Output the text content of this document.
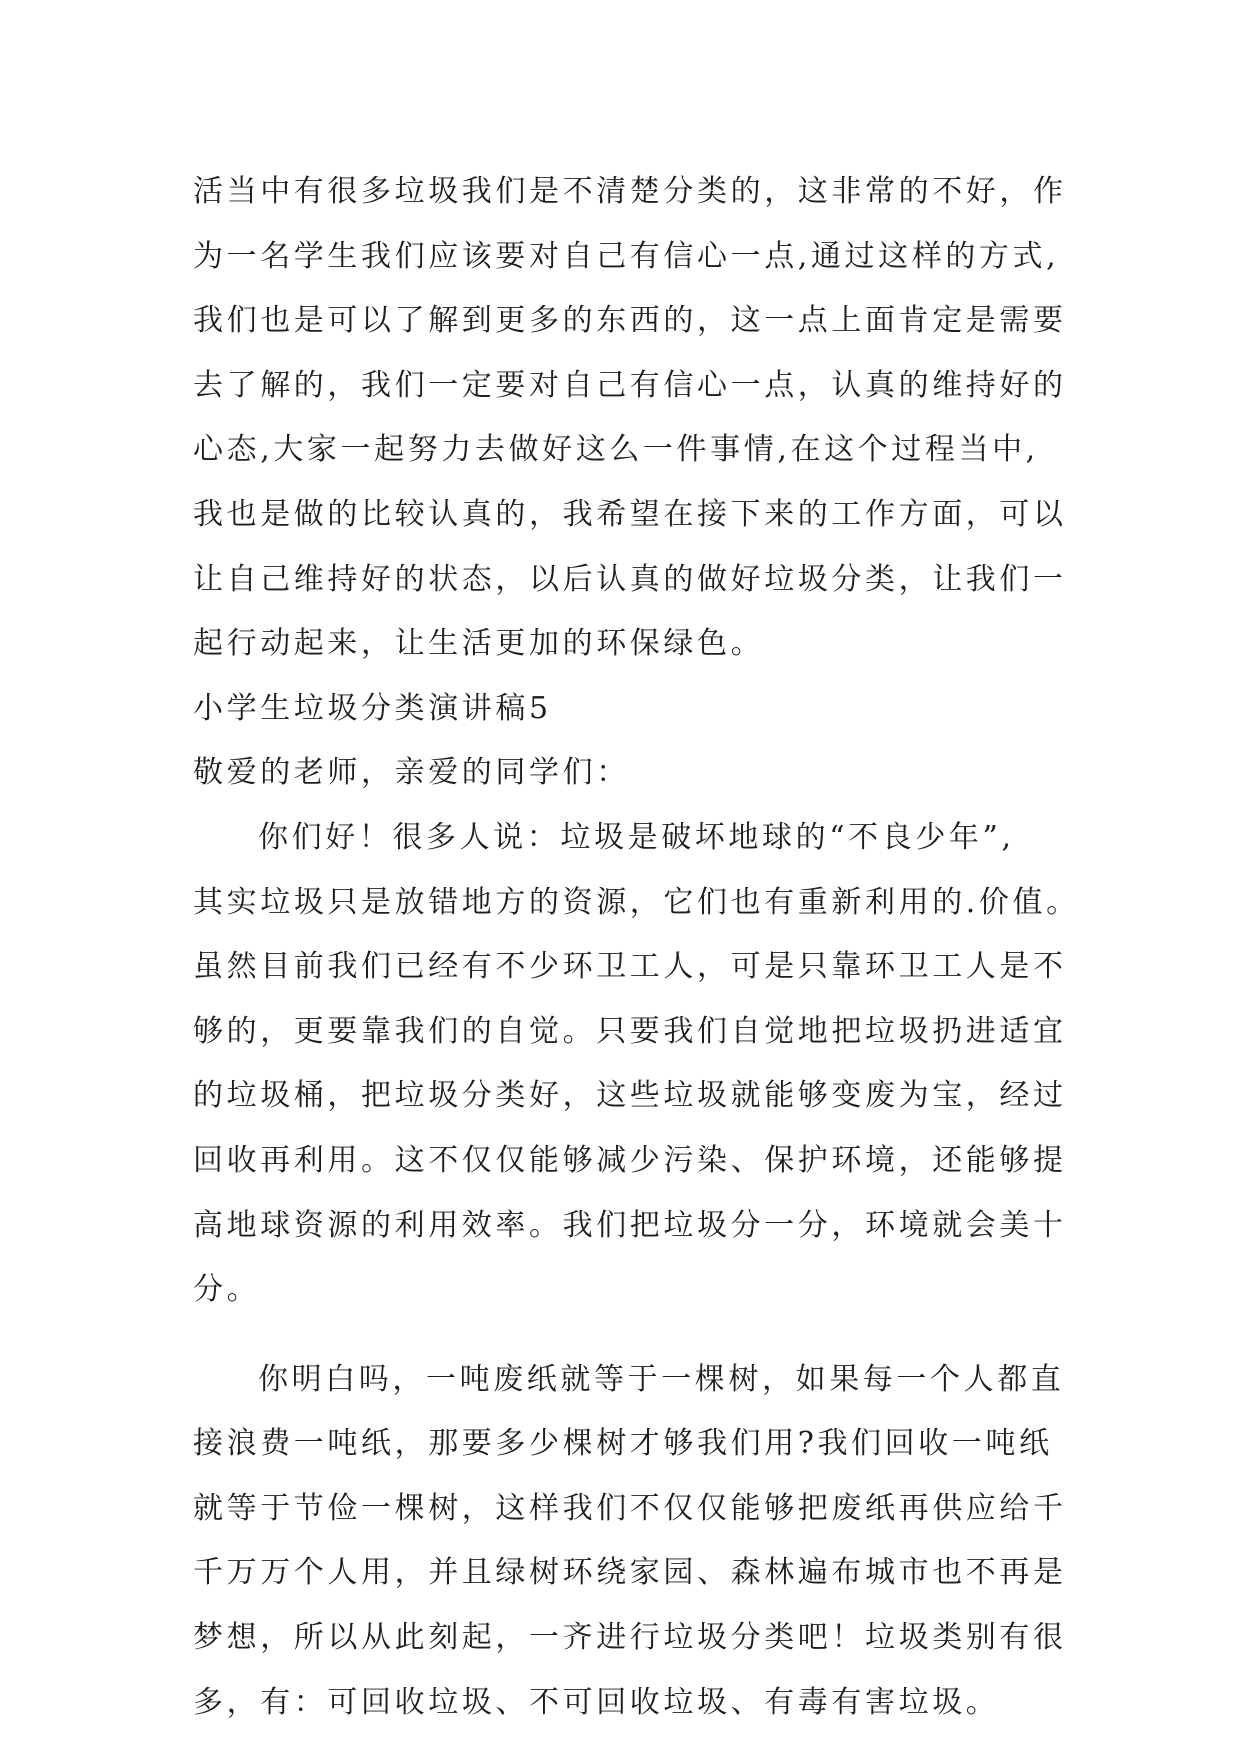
活当中有很多垃圾我们是不清楚分类的，这非常的不好，作
为一名学生我们应该要对自己有信心一点,通过这样的方式,
我们也是可以了解到更多的东西的，这一点上面肯定是需要
去了解的，我们一定要对自己有信心一点，认真的维持好的
心态,大家一起努力去做好这么一件事情,在这个过程当中,
我也是做的比较认真的，我希望在接下来的工作方面，可以
让自己维持好的状态，以后认真的做好垃圾分类，让我们一
起行动起来，让生活更加的环保绿色。
小学生垃圾分类演讲稿5
敬爱的老师，亲爱的同学们：
你们好！很多人说：垃圾是破坏地球的“不良少年”,
其实垃圾只是放错地方的资源，它们也有重新利用的.价值。
虽然目前我们已经有不少环卫工人，可是只靠环卫工人是不
够的，更要靠我们的自觉。只要我们自觉地把垃圾扔进适宜
的垃圾桶，把垃圾分类好，这些垃圾就能够变废为宝，经过
回收再利用。这不仅仅能够减少污染、保护环境，还能够提
高地球资源的利用效率。我们把垃圾分一分，环境就会美十
分。
你明白吗，一吨废纸就等于一棵树，如果每一个人都直
接浪费一吨纸，那要多少棵树才够我们用?我们回收一吨纸
就等于节俭一棵树，这样我们不仅仅能够把废纸再供应给千
千万万个人用，并且绿树环绕家园、森林遍布城市也不再是
梦想，所以从此刻起，一齐进行垃圾分类吧！垃圾类别有很
多，有：可回收垃圾、不可回收垃圾、有毒有害垃圾。
